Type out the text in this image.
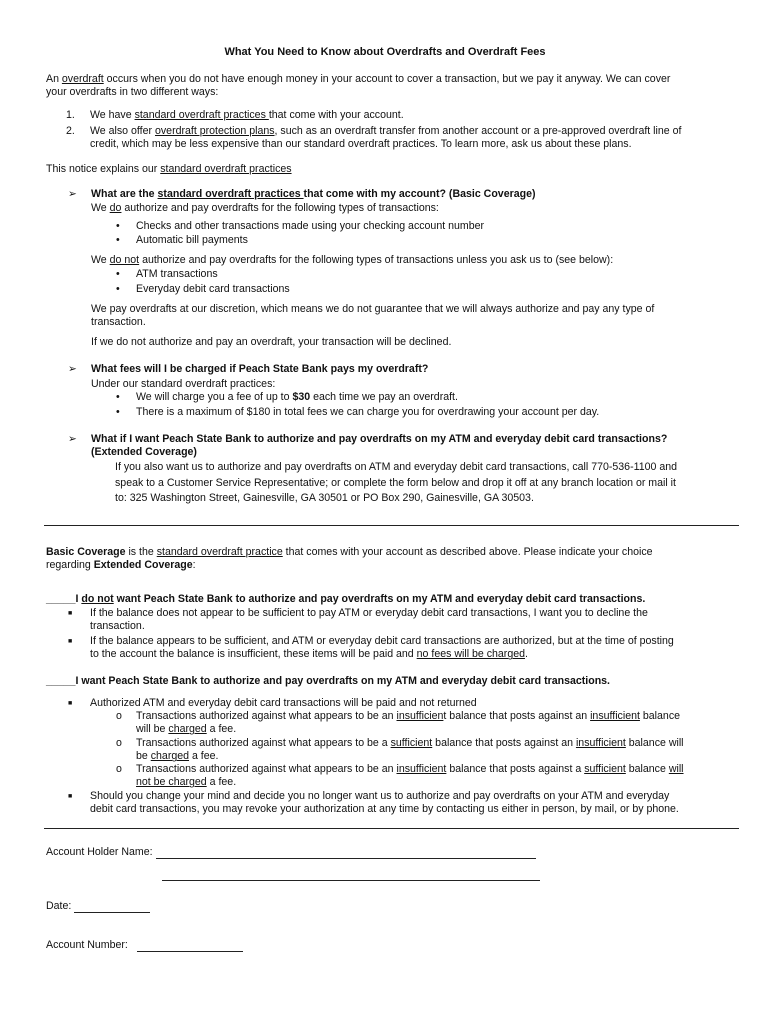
What You Need to Know about Overdrafts and Overdraft Fees
An overdraft occurs when you do not have enough money in your account to cover a transaction, but we pay it anyway. We can cover
your overdrafts in two different ways:
1.	We have standard overdraft practices that come with your account.
2.	We also offer overdraft protection plans, such as an overdraft transfer from another account or a pre-approved overdraft line of
credit, which may be less expensive than our standard overdraft practices. To learn more, ask us about these plans.
This notice explains our standard overdraft practices
➢ What are the standard overdraft practices that come with my account? (Basic Coverage)
We do authorize and pay overdrafts for the following types of transactions:
• Checks and other transactions made using your checking account number
• Automatic bill payments
We do not authorize and pay overdrafts for the following types of transactions unless you ask us to (see below):
• ATM transactions
• Everyday debit card transactions
We pay overdrafts at our discretion, which means we do not guarantee that we will always authorize and pay any type of
transaction.
If we do not authorize and pay an overdraft, your transaction will be declined.
➢ What fees will I be charged if Peach State Bank pays my overdraft?
Under our standard overdraft practices:
• We will charge you a fee of up to $30 each time we pay an overdraft.
• There is a maximum of $180 in total fees we can charge you for overdrawing your account per day.
➢ What if I want Peach State Bank to authorize and pay overdrafts on my ATM and everyday debit card transactions?
(Extended Coverage)
If you also want us to authorize and pay overdrafts on ATM and everyday debit card transactions, call 770-536-1100 and
speak to a Customer Service Representative; or complete the form below and drop it off at any branch location or mail it
to: 325 Washington Street, Gainesville, GA 30501 or PO Box 290, Gainesville, GA 30503.
Basic Coverage is the standard overdraft practice that comes with your account as described above. Please indicate your choice
regarding Extended Coverage:
_____I do not want Peach State Bank to authorize and pay overdrafts on my ATM and everyday debit card transactions.
■ If the balance does not appear to be sufficient to pay ATM or everyday debit card transactions, I want you to decline the
transaction.
■ If the balance appears to be sufficient, and ATM or everyday debit card transactions are authorized, but at the time of posting
to the account the balance is insufficient, these items will be paid and no fees will be charged.
_____I want Peach State Bank to authorize and pay overdrafts on my ATM and everyday debit card transactions.
■ Authorized ATM and everyday debit card transactions will be paid and not returned
o Transactions authorized against what appears to be an insufficient balance that posts against an insufficient balance
will be charged a fee.
o Transactions authorized against what appears to be a sufficient balance that posts against an insufficient balance will
be charged a fee.
o Transactions authorized against what appears to be an insufficient balance that posts against a sufficient balance will
not be charged a fee.
■ Should you change your mind and decide you no longer want us to authorize and pay overdrafts on your ATM and everyday
debit card transactions, you may revoke your authorization at any time by contacting us either in person, by mail, or by phone.
Account Holder Name:
Date:
Account Number:
